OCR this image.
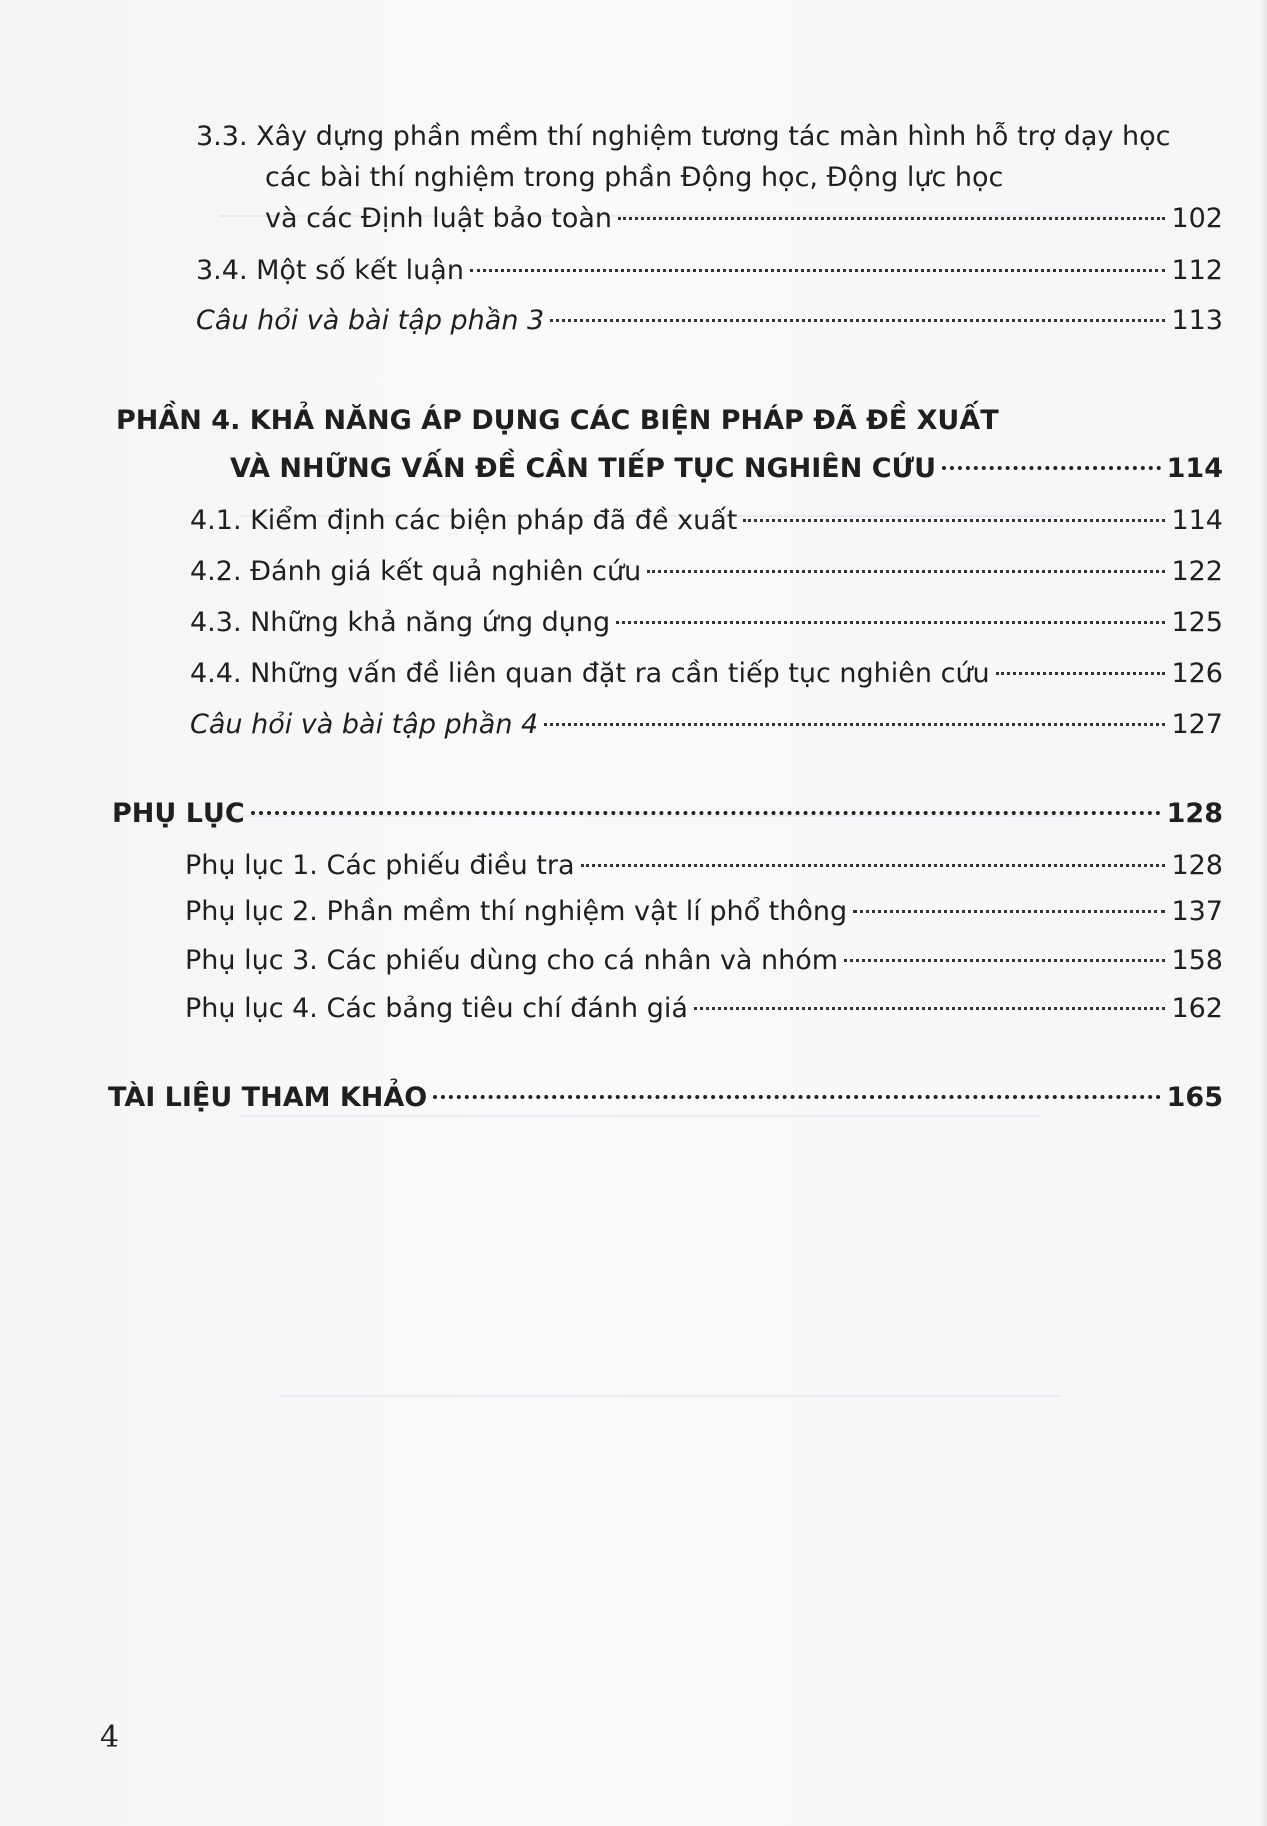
3.3. Xây dựng phần mềm thí nghiệm tương tác màn hình hỗ trợ dạy học
các bài thí nghiệm trong phần Động học, Động lực học
và các Định luật bảo toàn	102
3.4. Một số kết luận	112
Câu hỏi và bài tập phần 3	113
PHẦN 4. KHẢ NĂNG ÁP DỤNG CÁC BIỆN PHÁP ĐÃ ĐỀ XUẤT
VÀ NHỮNG VẤN ĐỀ CẦN TIẾP TỤC NGHIÊN CỨU	114
4.1. Kiểm định các biện pháp đã đề xuất	114
4.2. Đánh giá kết quả nghiên cứu	122
4.3. Những khả năng ứng dụng	125
4.4. Những vấn đề liên quan đặt ra cần tiếp tục nghiên cứu	126
Câu hỏi và bài tập phần 4	127
PHỤ LỤC	128
Phụ lục 1. Các phiếu điều tra	128
Phụ lục 2. Phần mềm thí nghiệm vật lí phổ thông	137
Phụ lục 3. Các phiếu dùng cho cá nhân và nhóm	158
Phụ lục 4. Các bảng tiêu chí đánh giá	162
TÀI LIỆU THAM KHẢO	165
4
